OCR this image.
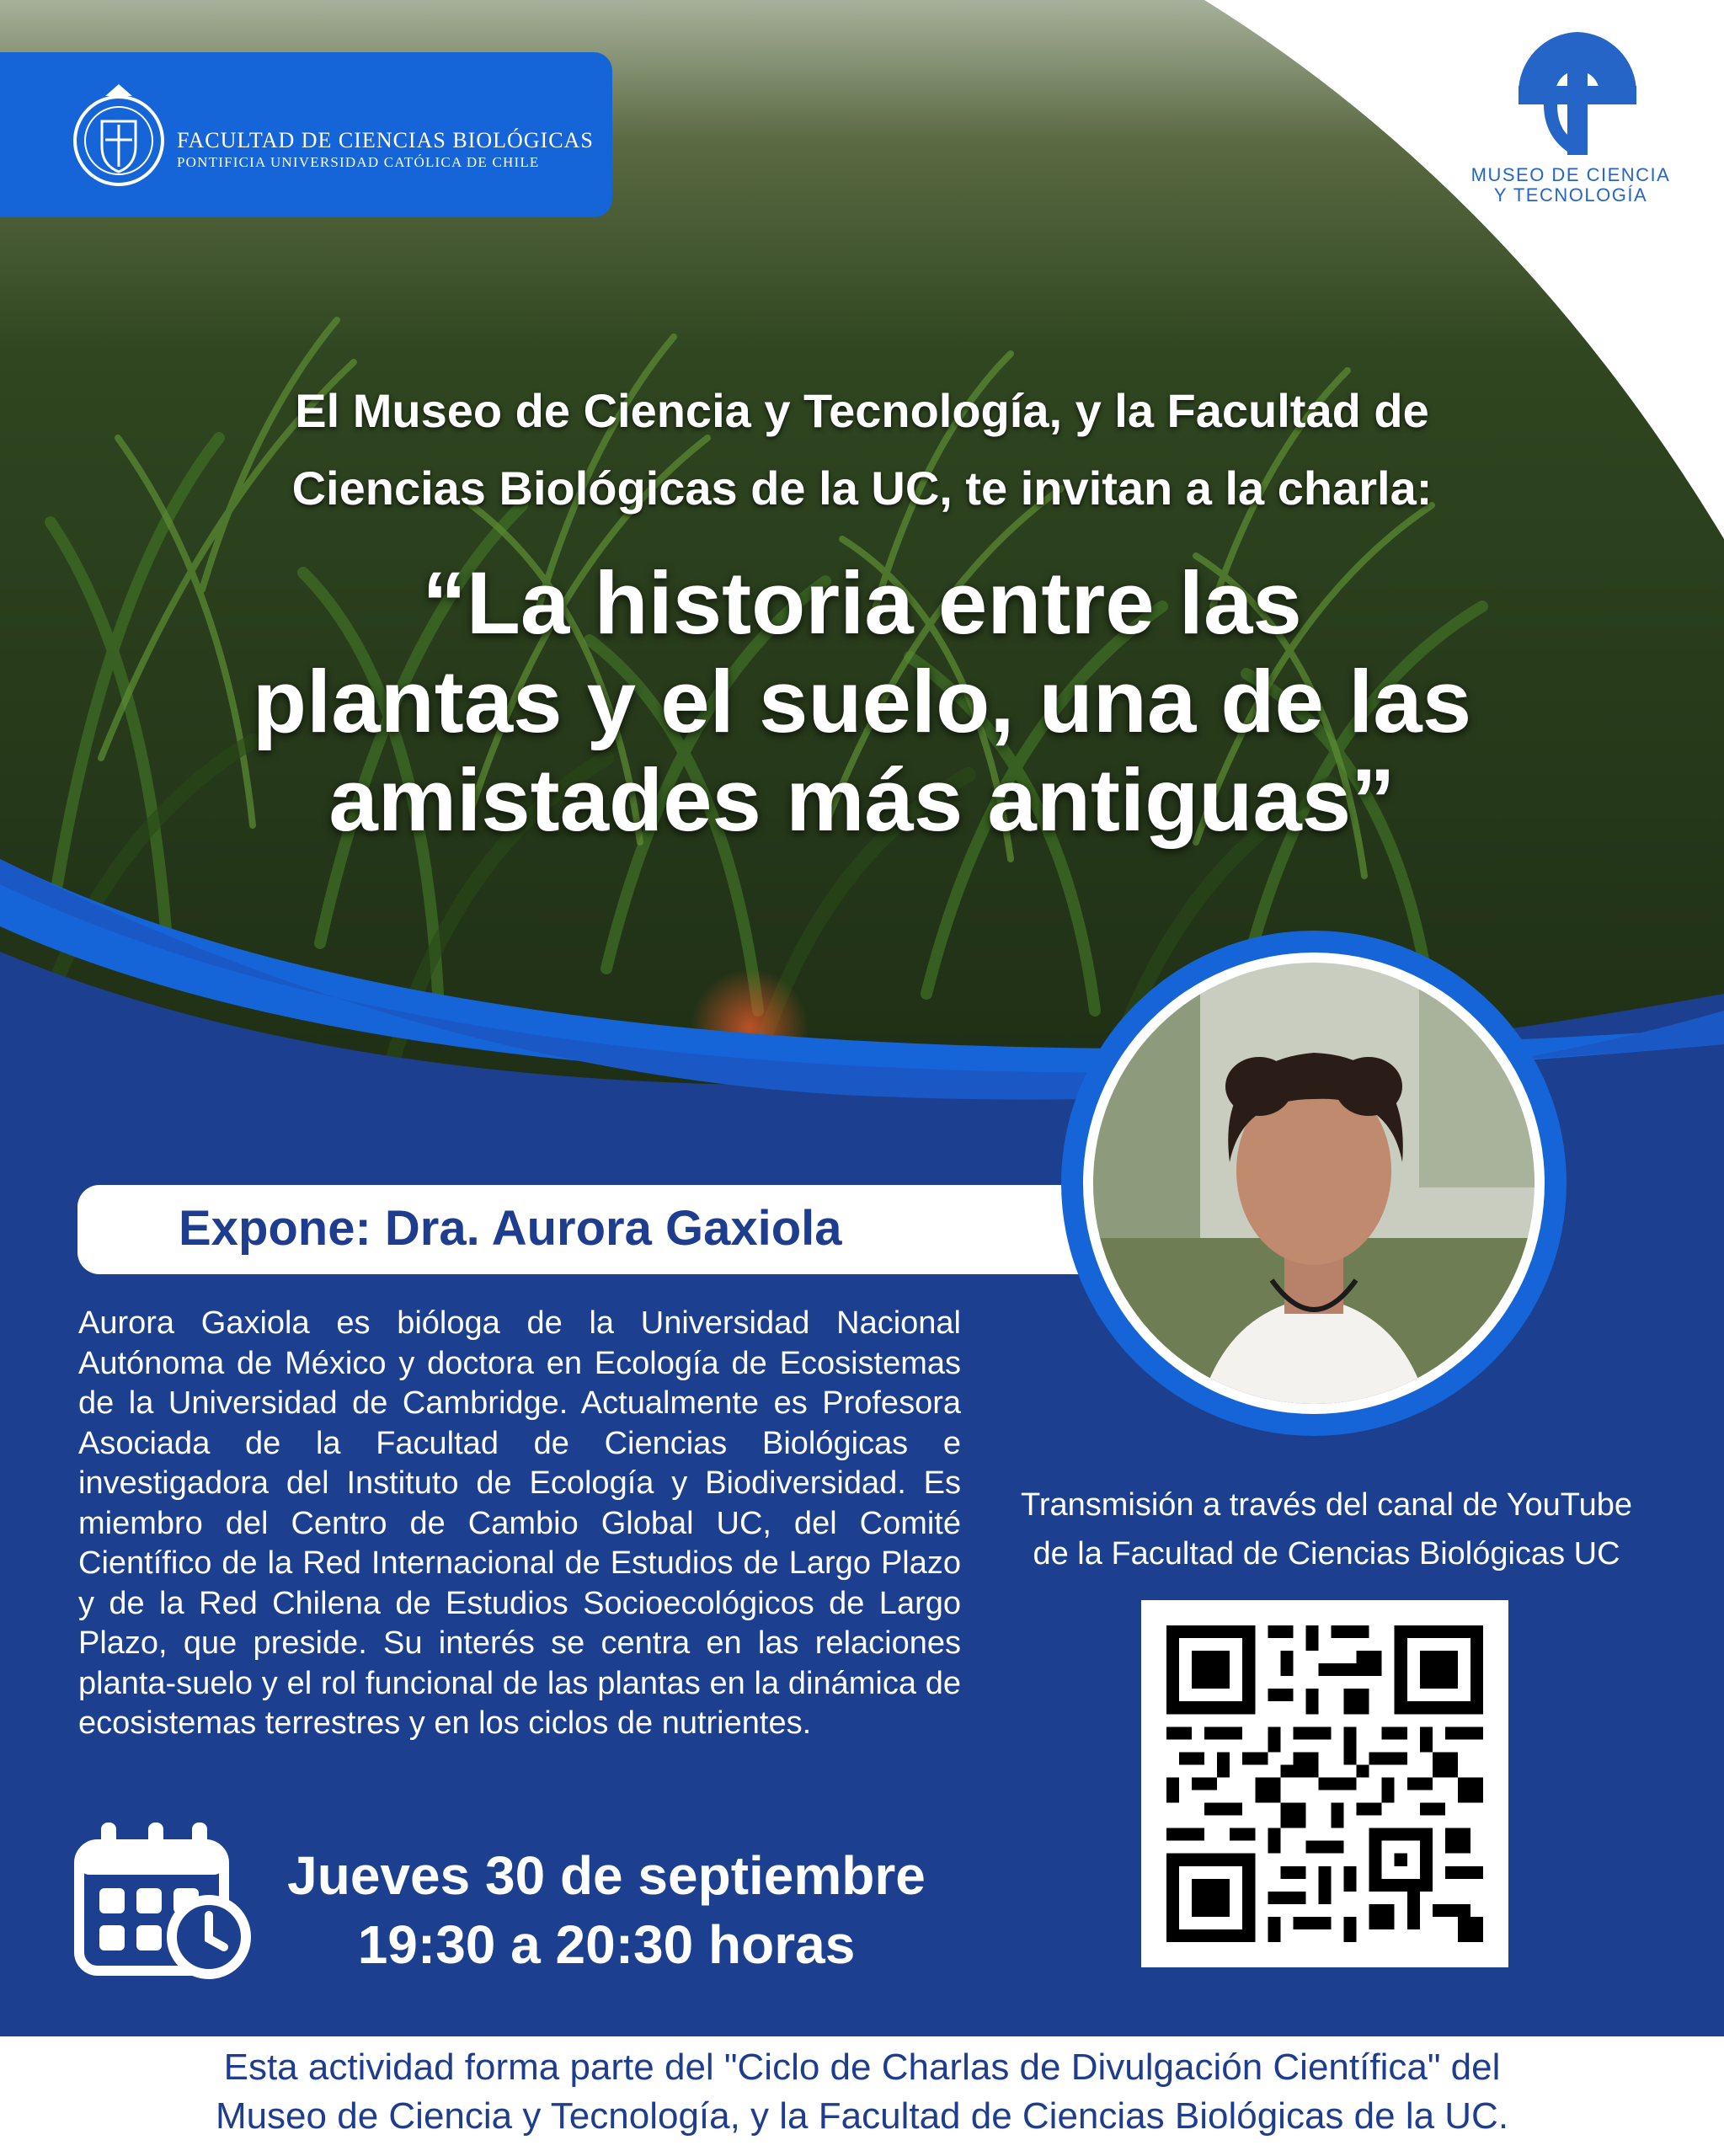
FACULTAD DE CIENCIAS BIOLÓGICAS
PONTIFICIA UNIVERSIDAD CATÓLICA DE CHILE
MUSEO DE CIENCIA
Y TECNOLOGÍA
El Museo de Ciencia y Tecnología, y la Facultad de
Ciencias Biológicas de la UC, te invitan a la charla:
“La historia entre las
plantas y el suelo, una de las
amistades más antiguas”
Expone: Dra. Aurora Gaxiola
Aurora Gaxiola es bióloga de la Universidad Nacional Autónoma de México y doctora en Ecología de Ecosistemas de la Universidad de Cambridge. Actualmente es Profesora Asociada de la Facultad de Ciencias Biológicas e investigadora del Instituto de Ecología y Biodiversidad. Es miembro del Centro de Cambio Global UC, del Comité Científico de la Red Internacional de Estudios de Largo Plazo y de la Red Chilena de Estudios Socioecológicos de Largo Plazo, que preside. Su interés se centra en las relaciones planta-suelo y el rol funcional de las plantas en la dinámica de ecosistemas terrestres y en los ciclos de nutrientes.
Transmisión a través del canal de YouTube
de la Facultad de Ciencias Biológicas UC
Jueves 30 de septiembre
19:30 a 20:30 horas
Esta actividad forma parte del "Ciclo de Charlas de Divulgación Científica" del
Museo de Ciencia y Tecnología, y la Facultad de Ciencias Biológicas de la UC.
